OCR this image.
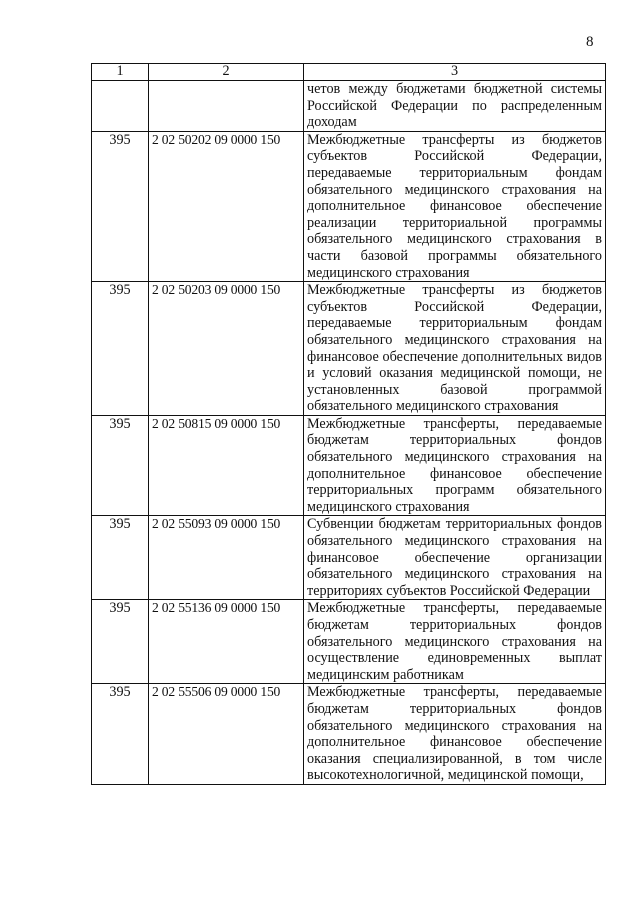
8
1	2	3
		четов между бюджетами бюджетной системы Российской Федерации по распределенным доходам
395	2 02 50202 09 0000 150	Межбюджетные трансферты из бюджетов субъектов Российской Федерации, передаваемые территориальным фондам обязательного медицинского страхования на дополнительное финансовое обеспечение реализации территориальной программы обязательного медицинского страхования в части базовой программы обязательного медицинского страхования
395	2 02 50203 09 0000 150	Межбюджетные трансферты из бюджетов субъектов Российской Федерации, передаваемые территориальным фондам обязательного медицинского страхования на финансовое обеспечение дополнительных видов и условий оказания медицинской помощи, не установленных базовой программой обязательного медицинского страхования
395	2 02 50815 09 0000 150	Межбюджетные трансферты, передаваемые бюджетам территориальных фондов обязательного медицинского страхования на дополнительное финансовое обеспечение территориальных программ обязательного медицинского страхования
395	2 02 55093 09 0000 150	Субвенции бюджетам территориальных фондов обязательного медицинского страхования на финансовое обеспечение организации обязательного медицинского страхования на территориях субъектов Российской Федерации
395	2 02 55136 09 0000 150	Межбюджетные трансферты, передаваемые бюджетам территориальных фондов обязательного медицинского страхования на осуществление единовременных выплат медицинским работникам
395	2 02 55506 09 0000 150	Межбюджетные трансферты, передаваемые бюджетам территориальных фондов обязательного медицинского страхования на дополнительное финансовое обеспечение оказания специализированной, в том числе высокотехнологичной, медицинской помощи,
